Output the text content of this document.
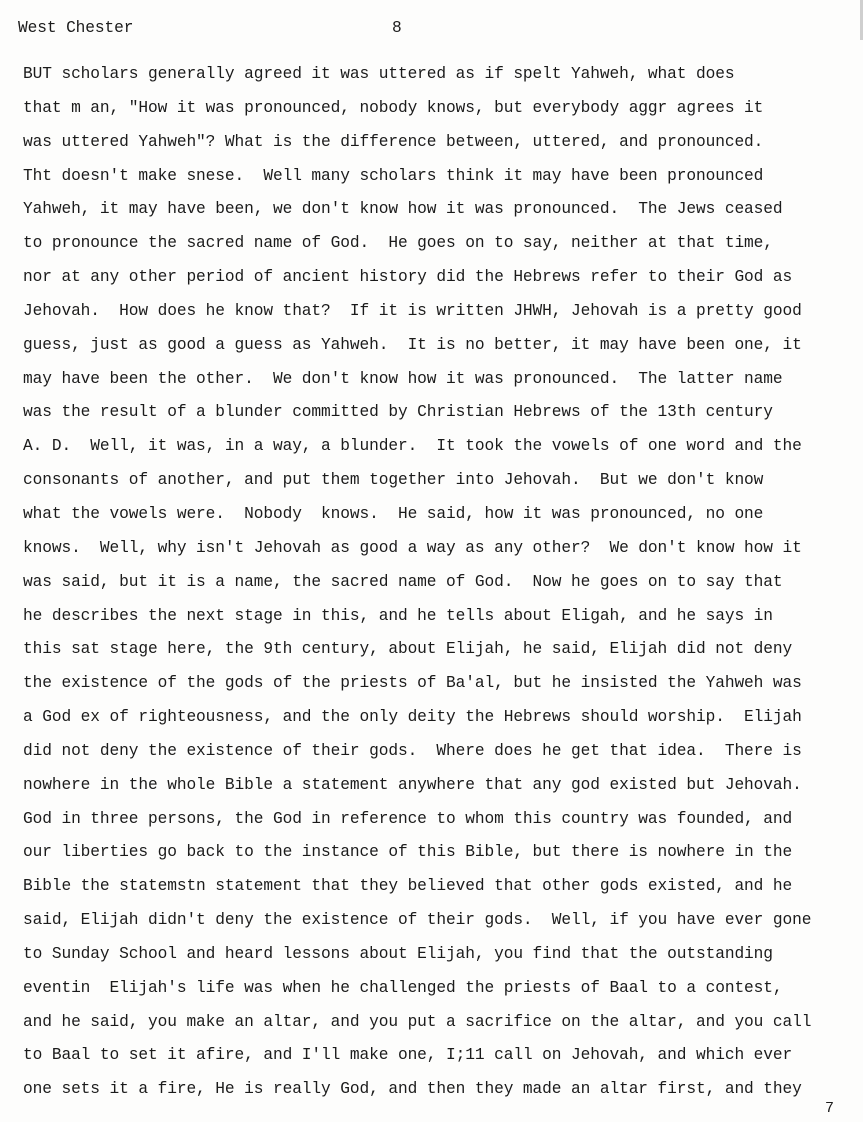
West Chester	8
BUT scholars generally agreed it was uttered as if spelt Yahweh, what does
that m an, "How it was pronounced, nobody knows, but everybody aggr agrees it
was uttered Yahweh"? What is the difference between, uttered, and pronounced.
Tht doesn't make snese.  Well many scholars think it may have been pronounced
Yahweh, it may have been, we don't know how it was pronounced.  The Jews ceased
to pronounce the sacred name of God.  He goes on to say, neither at that time,
nor at any other period of ancient history did the Hebrews refer to their God as
Jehovah.  How does he know that?  If it is written JHWH, Jehovah is a pretty good
guess, just as good a guess as Yahweh.  It is no better, it may have been one, it
may have been the other.  We don't know how it was pronounced.  The latter name
was the result of a blunder committed by Christian Hebrews of the 13th century
A. D.  Well, it was, in a way, a blunder.  It took the vowels of one word and the
consonants of another, and put them together into Jehovah.  But we don't know
what the vowels were.  Nobody  knows.  He said, how it was pronounced, no one
knows.  Well, why isn't Jehovah as good a way as any other?  We don't know how it
was said, but it is a name, the sacred name of God.  Now he goes on to say that
he describes the next stage in this, and he tells about Eligah, and he says in
this sat stage here, the 9th century, about Elijah, he said, Elijah did not deny
the existence of the gods of the priests of Ba'al, but he insisted the Yahweh was
a God ex of righteousness, and the only deity the Hebrews should worship.  Elijah
did not deny the existence of their gods.  Where does he get that idea.  There is
nowhere in the whole Bible a statement anywhere that any god existed but Jehovah.
God in three persons, the God in reference to whom this country was founded, and
our liberties go back to the instance of this Bible, but there is nowhere in the
Bible the statemstn statement that they believed that other gods existed, and he
said, Elijah didn't deny the existence of their gods.  Well, if you have ever gone
to Sunday School and heard lessons about Elijah, you find that the outstanding
eventin  Elijah's life was when he challenged the priests of Baal to a contest,
and he said, you make an altar, and you put a sacrifice on the altar, and you call
to Baal to set it afire, and I'll make one, I;11 call on Jehovah, and which ever
one sets it a fire, He is really God, and then they made an altar first, and they
7
